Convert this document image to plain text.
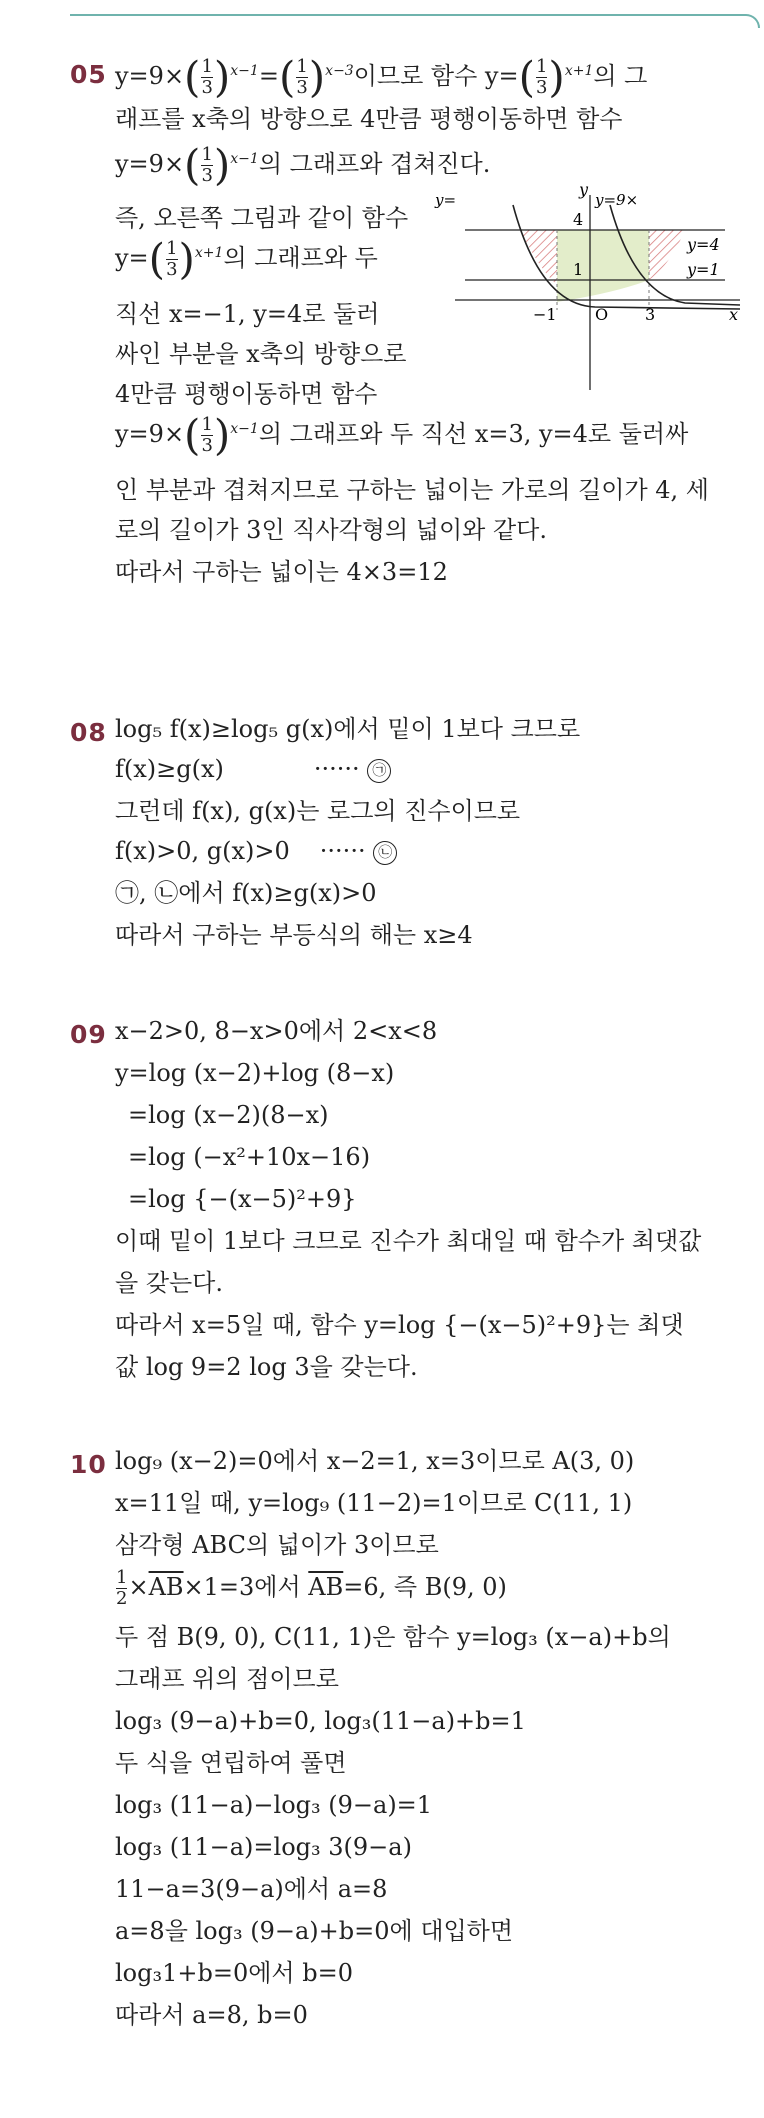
05 $y=9\times( \frac{1}{3} )^{x-1}=( \frac{1}{3} )^{x-3}$이므로 함수 $y=( \frac{1}{3} )^{x+1}$의 그
래프를 x축의 방향으로 4만큼 평행이동하면 함수
$y=9\times( \frac{1}{3} )^{x-1}$의 그래프와 겹쳐진다.
즉, 오른쪽 그림과 같이 함수
$y=( \frac{1}{3} )^{x+1}$의 그래프와 두
직선 x=−1, y=4로 둘러
싸인 부분을 x축의 방향으로
4만큼 평행이동하면 함수
$y=9\times( \frac{1}{3} )^{x-1}$의 그래프와 두 직선 x=3, y=4로 둘러싸
인 부분과 겹쳐지므로 구하는 넓이는 가로의 길이가 4, 세
로의 길이가 3인 직사각형의 넓이와 같다.
따라서 구하는 넓이는 4×3=12
4
1
y=4
y=1
−1 O 3	x
y
y=	y=9×
08 log₅ f(x)≥log₅ g(x)에서 밑이 1보다 크므로
f(x)≥g(x)	······ ㉠
그런데 f(x), g(x)는 로그의 진수이므로
f(x)>0, g(x)>0 ······ ㉡
㉠, ㉡에서 f(x)≥g(x)>0
따라서 구하는 부등식의 해는 x≥4
09 x−2>0, 8−x>0에서 2<x<8
y=log (x−2)+log (8−x)
=log (x−2)(8−x)
=log (−x²+10x−16)
=log {−(x−5)²+9}
이때 밑이 1보다 크므로 진수가 최대일 때 함수가 최댓값
을 갖는다.
따라서 x=5일 때, 함수 y=log {−(x−5)²+9}는 최댓
값 log 9=2 log 3을 갖는다.
10 log₉ (x−2)=0에서 x−2=1, x=3이므로 A(3, 0)
x=11일 때, y=log₉ (11−2)=1이므로 C(11, 1)
삼각형 ABC의 넓이가 3이므로
$\frac{1}{2} \times\overline{AB}\times 1=3$에서 $\overline{AB}=6$, 즉 B(9, 0)
두 점 B(9, 0), C(11, 1)은 함수 y=log₃ (x−a)+b의
그래프 위의 점이므로
log₃ (9−a)+b=0, log₃(11−a)+b=1
두 식을 연립하여 풀면
log₃ (11−a)−log₃ (9−a)=1
log₃ (11−a)=log₃ 3(9−a)
11−a=3(9−a)에서 a=8
a=8을 log₃ (9−a)+b=0에 대입하면
log₃1+b=0에서 b=0
따라서 a=8, b=0
